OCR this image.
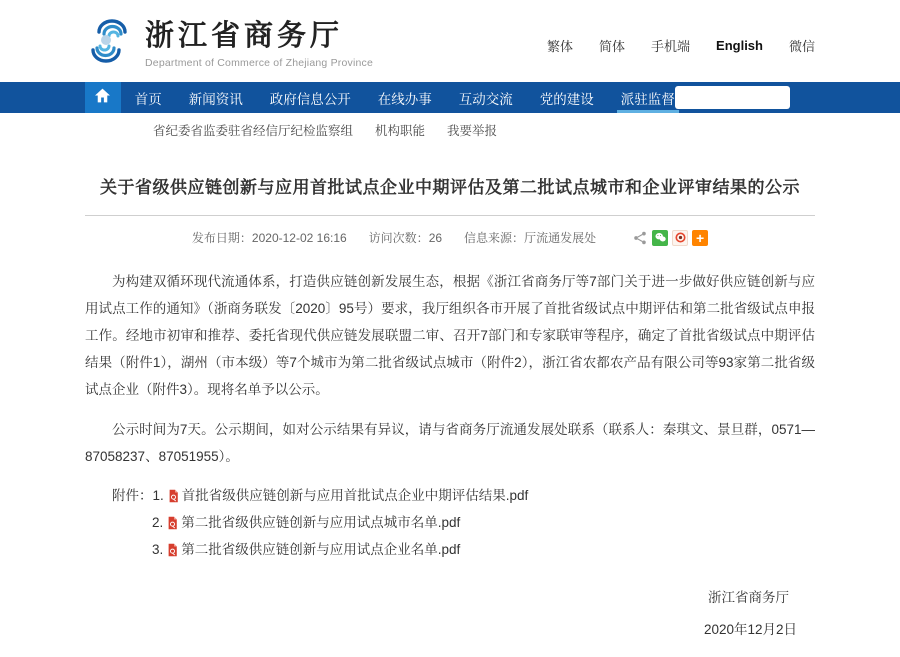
浙江省商务厅
Department of Commerce of Zhejiang Province
繁体 简体 手机端 English 微信
首页 新闻资讯 政府信息公开 在线办事 互动交流 党的建设 派驻监督
省纪委省监委驻省经信厅纪检监察组 机构职能 我要举报
关于省级供应链创新与应用首批试点企业中期评估及第二批试点城市和企业评审结果的公示
发布日期：2020-12-02 16:16 访问次数：26 信息来源：厅流通发展处	+

为构建双循环现代流通体系，打造供应链创新发展生态，根据《浙江省商务厅等7部门关于进一步做好供应链创新与应用试点工作的通知》（浙商务联发〔2020〕95号）要求，我厅组织各市开展了首批省级试点中期评估和第二批省级试点申报工作。经地市初审和推荐、委托省现代供应链发展联盟二审、召开7部门和专家联审等程序，确定了首批省级试点中期评估结果（附件1），湖州（市本级）等7个城市为第二批省级试点城市（附件2），浙江省农都农产品有限公司等93家第二批省级试点企业（附件3）。现将名单予以公示。

公示时间为7天。公示期间，如对公示结果有异议，请与省商务厅流通发展处联系（联系人：秦琪文、景旦群，0571—87058237、87051955）。

附件： 1. 首批省级供应链创新与应用首批试点企业中期评估结果.pdf
2. 第二批省级供应链创新与应用试点城市名单.pdf
3. 第二批省级供应链创新与应用试点企业名单.pdf
浙江省商务厅
2020年12月2日
